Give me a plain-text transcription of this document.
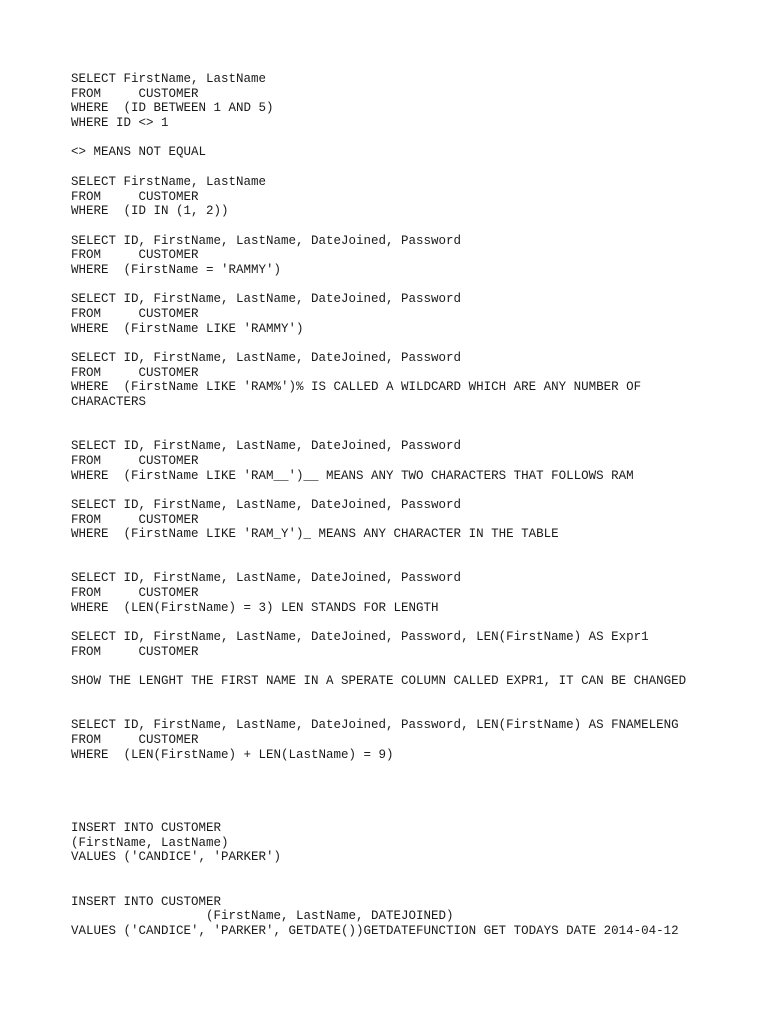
SELECT FirstName, LastName
FROM     CUSTOMER
WHERE  (ID BETWEEN 1 AND 5)
WHERE ID <> 1
<> MEANS NOT EQUAL
SELECT FirstName, LastName
FROM     CUSTOMER
WHERE  (ID IN (1, 2))
SELECT ID, FirstName, LastName, DateJoined, Password
FROM     CUSTOMER
WHERE  (FirstName = 'RAMMY')
SELECT ID, FirstName, LastName, DateJoined, Password
FROM     CUSTOMER
WHERE  (FirstName LIKE 'RAMMY')
SELECT ID, FirstName, LastName, DateJoined, Password
FROM     CUSTOMER
WHERE  (FirstName LIKE 'RAM%')% IS CALLED A WILDCARD WHICH ARE ANY NUMBER OF
CHARACTERS
SELECT ID, FirstName, LastName, DateJoined, Password
FROM     CUSTOMER
WHERE  (FirstName LIKE 'RAM__')__ MEANS ANY TWO CHARACTERS THAT FOLLOWS RAM
SELECT ID, FirstName, LastName, DateJoined, Password
FROM     CUSTOMER
WHERE  (FirstName LIKE 'RAM_Y')_ MEANS ANY CHARACTER IN THE TABLE
SELECT ID, FirstName, LastName, DateJoined, Password
FROM     CUSTOMER
WHERE  (LEN(FirstName) = 3) LEN STANDS FOR LENGTH
SELECT ID, FirstName, LastName, DateJoined, Password, LEN(FirstName) AS Expr1
FROM     CUSTOMER
SHOW THE LENGHT THE FIRST NAME IN A SPERATE COLUMN CALLED EXPR1, IT CAN BE CHANGED
SELECT ID, FirstName, LastName, DateJoined, Password, LEN(FirstName) AS FNAMELENG
FROM     CUSTOMER
WHERE  (LEN(FirstName) + LEN(LastName) = 9)
INSERT INTO CUSTOMER
(FirstName, LastName)
VALUES ('CANDICE', 'PARKER')
INSERT INTO CUSTOMER
(FirstName, LastName, DATEJOINED)
VALUES ('CANDICE', 'PARKER', GETDATE())GETDATEFUNCTION GET TODAYS DATE 2014-04-12
